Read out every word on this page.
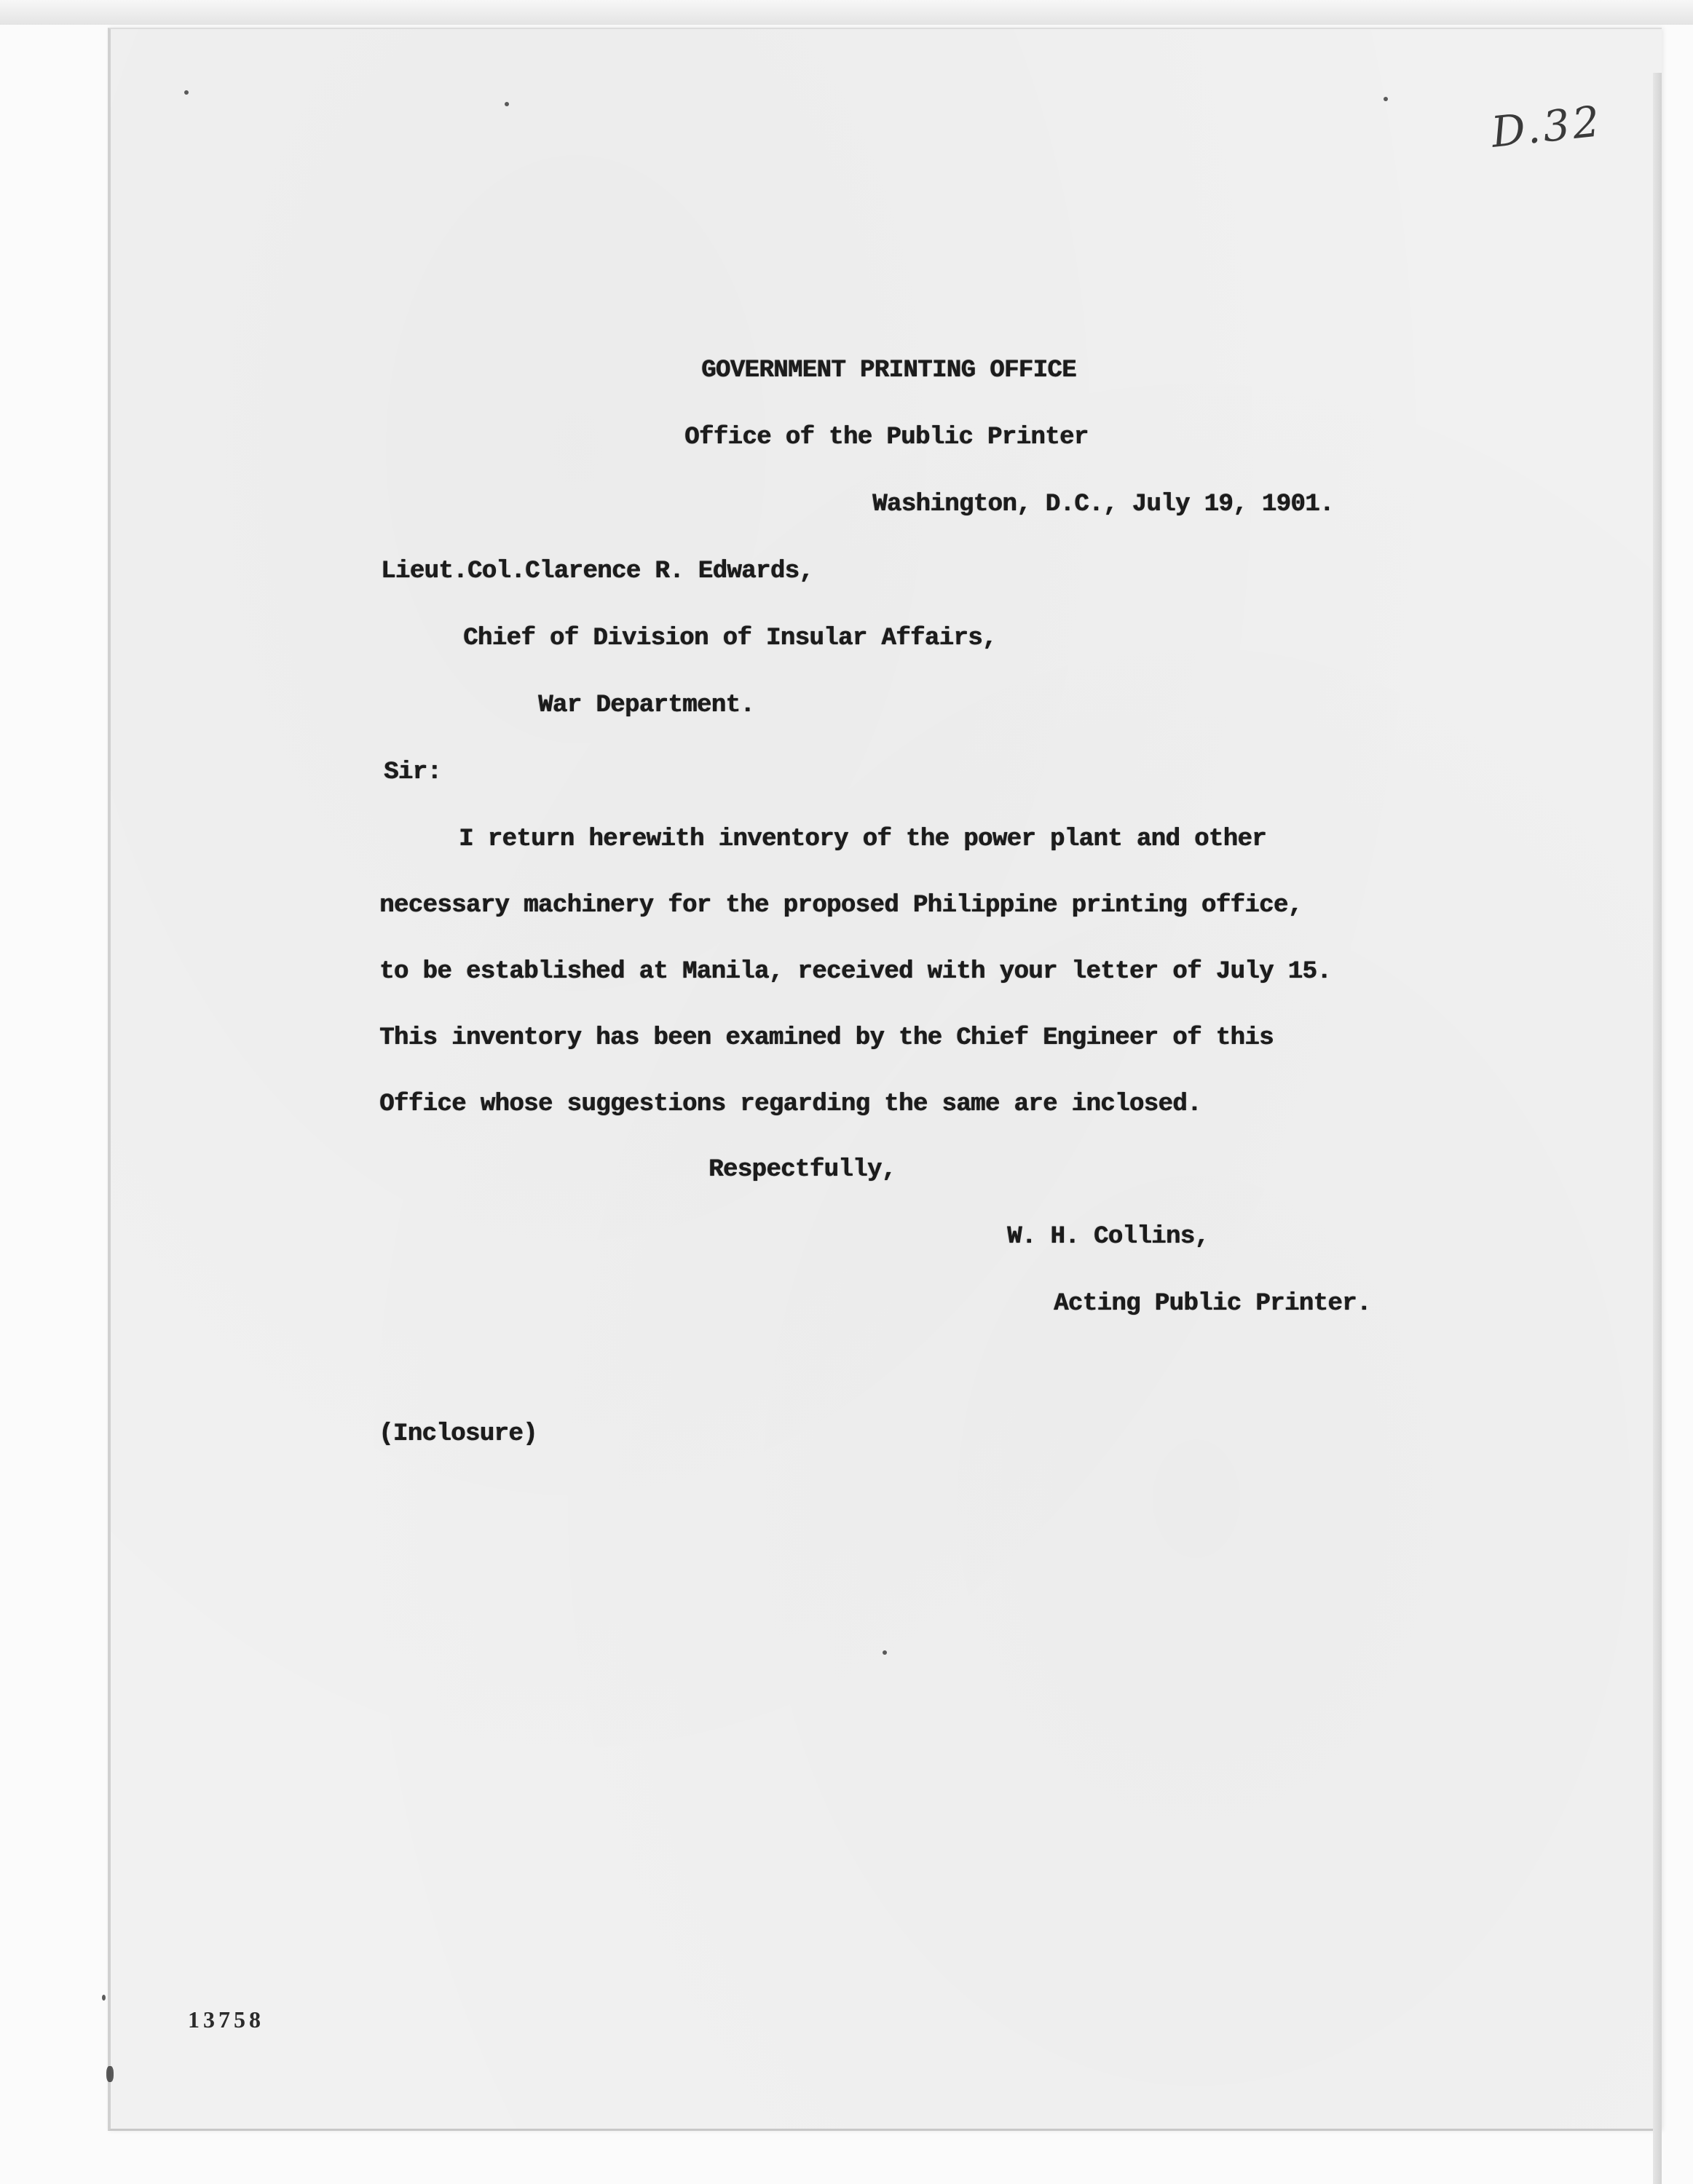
D.32
GOVERNMENT PRINTING OFFICE
Office of the Public Printer
Washington, D.C., July 19, 1901.
Lieut.Col.Clarence R. Edwards,
Chief of Division of Insular Affairs,
War Department.
Sir:
I return herewith inventory of the power plant and other
necessary machinery for the proposed Philippine printing office,
to be established at Manila, received with your letter of July 15.
This inventory has been examined by the Chief Engineer of this
Office whose suggestions regarding the same are inclosed.
Respectfully,
W. H. Collins,
Acting Public Printer.
(Inclosure)
13758
